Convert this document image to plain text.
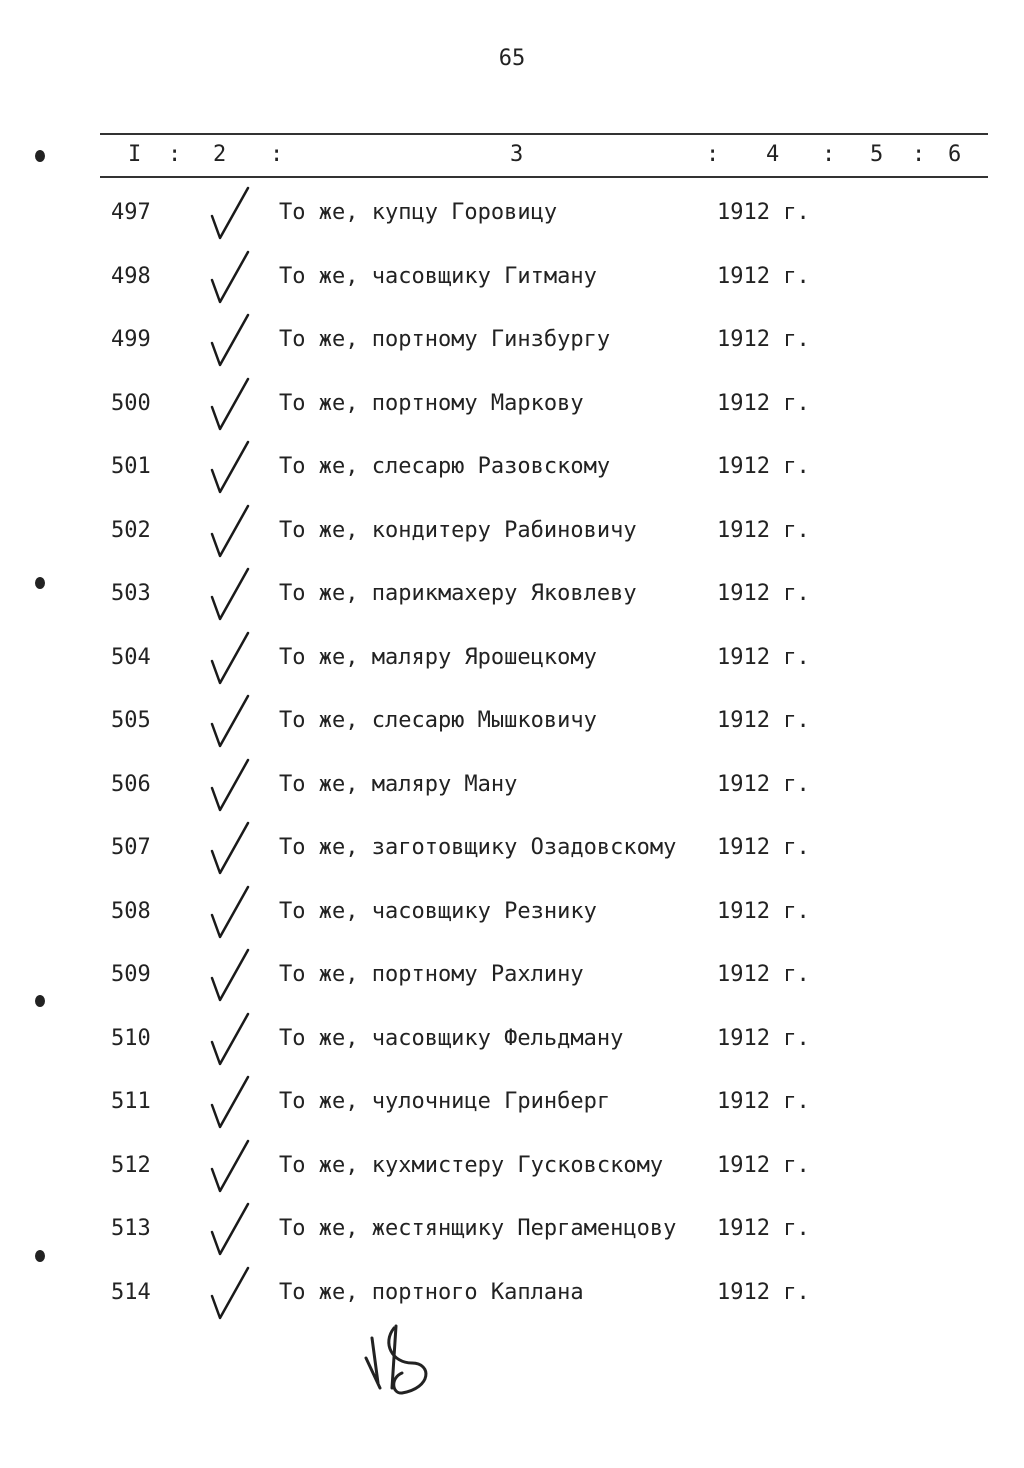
65
I : 2 :	3	: 4 : 5 : 6
497	То же, купцу Горовицу	1912 г.
498	То же, часовщику Гитману	1912 г.
499	То же, портному Гинзбургу	1912 г.
500	То же, портному Маркову	1912 г.
501	То же, слесарю Разовскому	1912 г.
502	То же, кондитеру Рабиновичу	1912 г.
503	То же, парикмахеру Яковлеву	1912 г.
504	То же, маляру Ярошецкому	1912 г.
505	То же, слесарю Мышковичу	1912 г.
506	То же, маляру Ману	1912 г.
507	То же, заготовщику Озадовскому 1912 г.
508	То же, часовщику Резнику	1912 г.
509	То же, портному Рахлину	1912 г.
510	То же, часовщику Фельдману	1912 г.
511	То же, чулочнице Гринберг	1912 г.
512	То же, кухмистеру Гусковскому 1912 г.
513	То же, жестянщику Пергаменцову 1912 г.
514	То же, портного Каплана	1912 г.
